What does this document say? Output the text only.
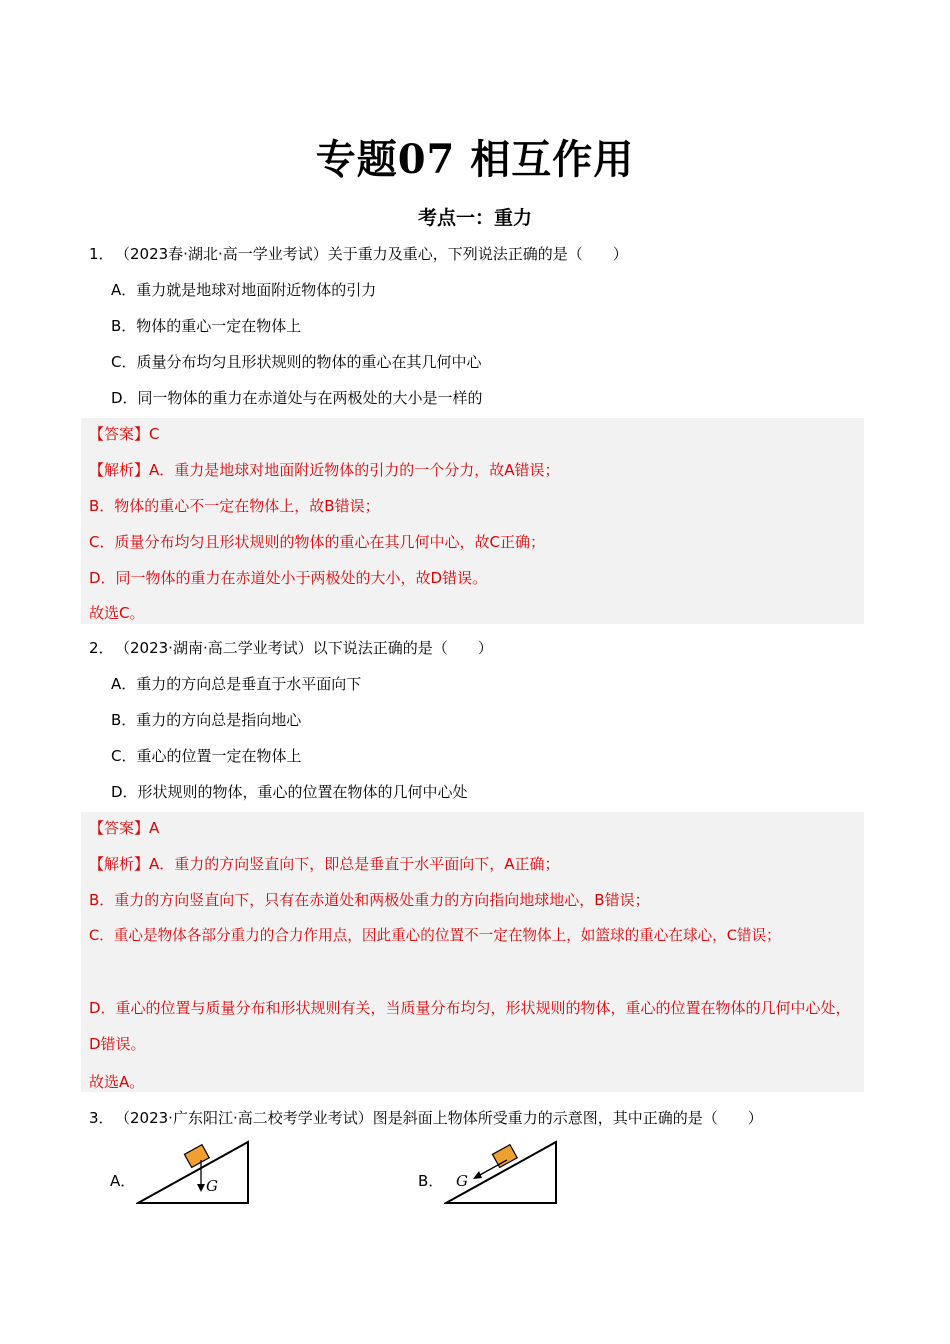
专题07 相互作用
考点一：重力
1．（2023春·湖北·高一学业考试）关于重力及重心，下列说法正确的是（　　）
A．重力就是地球对地面附近物体的引力
B．物体的重心一定在物体上
C．质量分布均匀且形状规则的物体的重心在其几何中心
D．同一物体的重力在赤道处与在两极处的大小是一样的
【答案】C
【解析】A．重力是地球对地面附近物体的引力的一个分力，故A错误；
B．物体的重心不一定在物体上，故B错误；
C．质量分布均匀且形状规则的物体的重心在其几何中心，故C正确；
D．同一物体的重力在赤道处小于两极处的大小，故D错误。
故选C。
2．（2023·湖南·高二学业考试）以下说法正确的是（　　）
A．重力的方向总是垂直于水平面向下
B．重力的方向总是指向地心
C．重心的位置一定在物体上
D．形状规则的物体，重心的位置在物体的几何中心处
【答案】A
【解析】A．重力的方向竖直向下，即总是垂直于水平面向下，A正确；
B．重力的方向竖直向下，只有在赤道处和两极处重力的方向指向地球地心，B错误；
C．重心是物体各部分重力的合力作用点，因此重心的位置不一定在物体上，如篮球的重心在球心，C错误；
D．重心的位置与质量分布和形状规则有关，当质量分布均匀，形状规则的物体，重心的位置在物体的几何中心处，D错误。
故选A。
3．（2023·广东阳江·高二校考学业考试）图是斜面上物体所受重力的示意图，其中正确的是（　　）
A．	G	B． G
